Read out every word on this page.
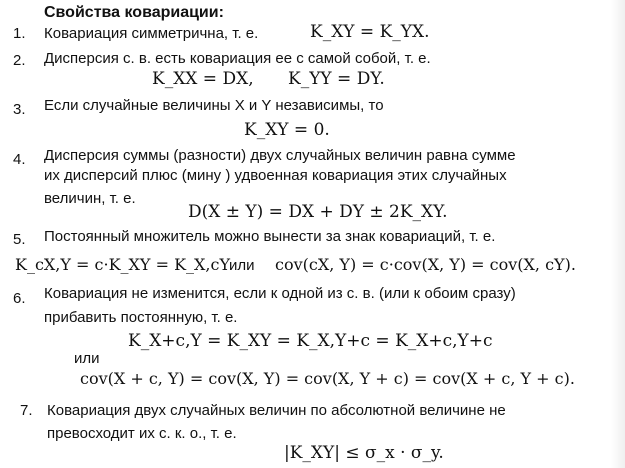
Свойства ковариации:
1. Ковариация симметрична, т. е.	K_XY = K_YX.
2. Дисперсия с. в. есть ковариация ее с самой собой, т. е.
K_XX = DX, K_YY = DY.
3. Если случайные величины X и Y независимы, то
K_XY = 0.
4. Дисперсия суммы (разности) двух случайных величин равна сумме
их дисперсий плюс (мину ) удвоенная ковариация этих случайных
величин, т. е.
D(X ± Y) = DX + DY ± 2K_XY.
5. Постоянный множитель можно вынести за знак ковариаций, т. е.
K_cX,Y = c·K_XY = K_X,cY
или cov(cX, Y) = c·cov(X, Y) = cov(X, cY).
6. Ковариация не изменится, если к одной из с. в. (или к обоим сразу)
прибавить постоянную, т. е.
K_X+c,Y = K_XY = K_X,Y+c = K_X+c,Y+c
или
cov(X + c, Y) = cov(X, Y) = cov(X, Y + c) = cov(X + c, Y + c).
7. Ковариация двух случайных величин по абсолютной величине не
превосходит их с. к. о., т. е.
|K_XY| ≤ σ_x · σ_y.
